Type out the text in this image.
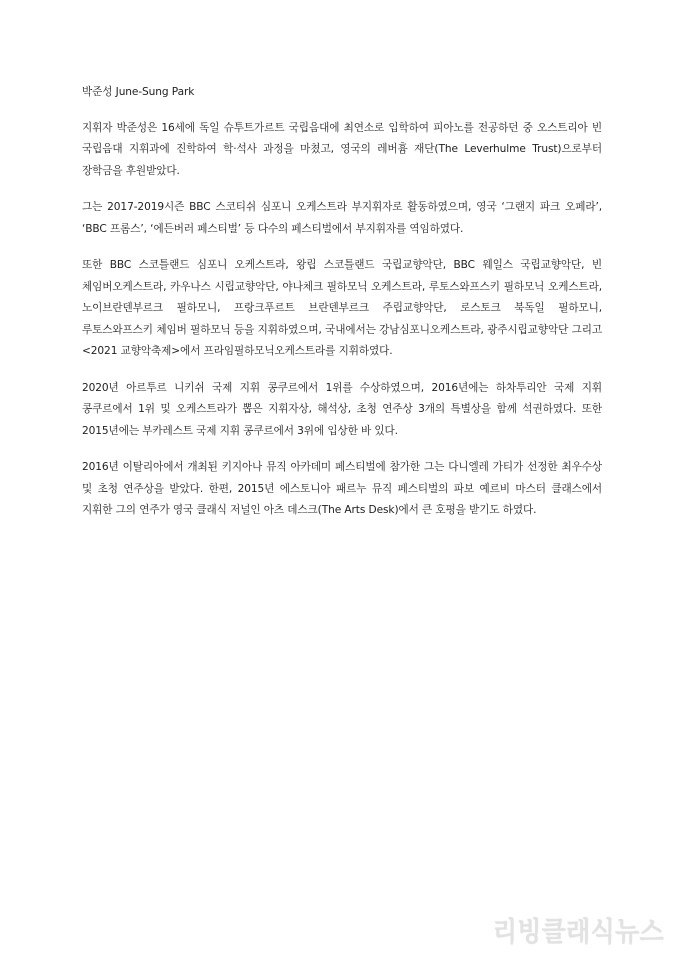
박준성 June-Sung Park

지휘자 박준성은 16세에 독일 슈투트가르트 국립음대에 최연소로 입학하여 피아노를 전공하던 중 오스트리아 빈 국립음대 지휘과에 진학하여 학·석사 과정을 마쳤고, 영국의 레버흄 재단(The Leverhulme Trust)으로부터 장학금을 후원받았다.

그는 2017-2019시즌 BBC 스코티쉬 심포니 오케스트라 부지휘자로 활동하였으며, 영국 ‘그랜지 파크 오페라’, ‘BBC 프롬스’, ‘에든버러 페스티벌’ 등 다수의 페스티벌에서 부지휘자를 역임하였다.

또한 BBC 스코틀랜드 심포니 오케스트라, 왕립 스코틀랜드 국립교향악단, BBC 웨일스 국립교향악단, 빈 체임버오케스트라, 카우나스 시립교향악단, 야나체크 필하모닉 오케스트라, 루토스와프스키 필하모닉 오케스트라, 노이브란덴부르크 필하모니, 프랑크푸르트 브란덴부르크 주립교향악단, 로스토크 북독일 필하모니, 루토스와프스키 체임버 필하모닉 등을 지휘하였으며, 국내에서는 강남심포니오케스트라, 광주시립교향악단 그리고 <2021 교향악축제>에서 프라임필하모닉오케스트라를 지휘하였다.

2020년 아르투르 니키쉬 국제 지휘 콩쿠르에서 1위를 수상하였으며, 2016년에는 하차투리안 국제 지휘 콩쿠르에서 1위 및 오케스트라가 뽑은 지휘자상, 해석상, 초청 연주상 3개의 특별상을 함께 석권하였다. 또한 2015년에는 부카레스트 국제 지휘 콩쿠르에서 3위에 입상한 바 있다.

2016년 이탈리아에서 개최된 키지아나 뮤직 아카데미 페스티벌에 참가한 그는 다니엘레 가티가 선정한 최우수상 및 초청 연주상을 받았다. 한편, 2015년 에스토니아 패르누 뮤직 페스티벌의 파보 예르비 마스터 클래스에서 지휘한 그의 연주가 영국 클래식 저널인 아츠 데스크(The Arts Desk)에서 큰 호평을 받기도 하였다.

리빙클래식뉴스
